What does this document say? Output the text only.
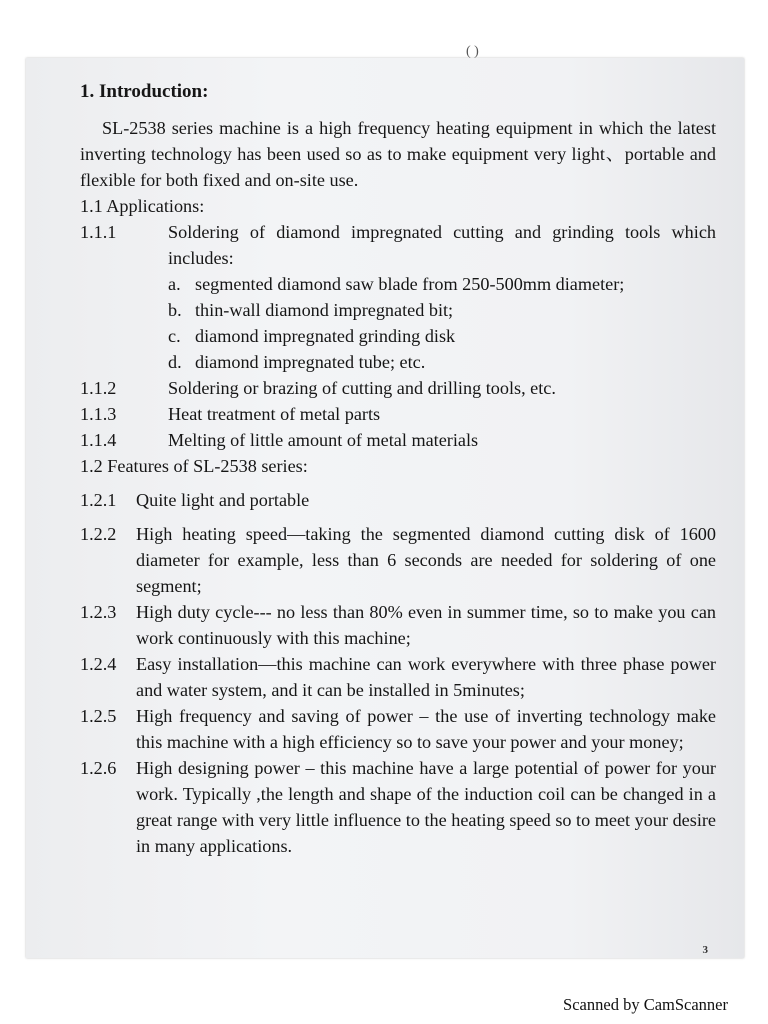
( )
1. Introduction:

SL-2538 series machine is a high frequency heating equipment in which the latest inverting technology has been used so as to make equipment very light、portable and flexible for both fixed and on-site use.

1.1 Applications:

1.1.1	Soldering of diamond impregnated cutting and grinding tools which includes:
a. segmented diamond saw blade from 250-500mm diameter;
b. thin-wall diamond impregnated bit;
c. diamond impregnated grinding disk
d. diamond impregnated tube; etc.
1.1.2	Soldering or brazing of cutting and drilling tools, etc.
1.1.3	Heat treatment of metal parts
1.1.4	Melting of little amount of metal materials

1.2 Features of SL-2538 series:

1.2.1	Quite light and portable
1.2.2	High heating speed—taking the segmented diamond cutting disk of 1600 diameter for example, less than 6 seconds are needed for soldering of one segment;
1.2.3	High duty cycle--- no less than 80% even in summer time, so to make you can work continuously with this machine;
1.2.4	Easy installation—this machine can work everywhere with three phase power and water system, and it can be installed in 5minutes;
1.2.5	High frequency and saving of power – the use of inverting technology make this machine with a high efficiency so to save your power and your money;
1.2.6	High designing power – this machine have a large potential of power for your work. Typically ,the length and shape of the induction coil can be changed in a great range with very little influence to the heating speed so to meet your desire in many applications.
3
Scanned by CamScanner
